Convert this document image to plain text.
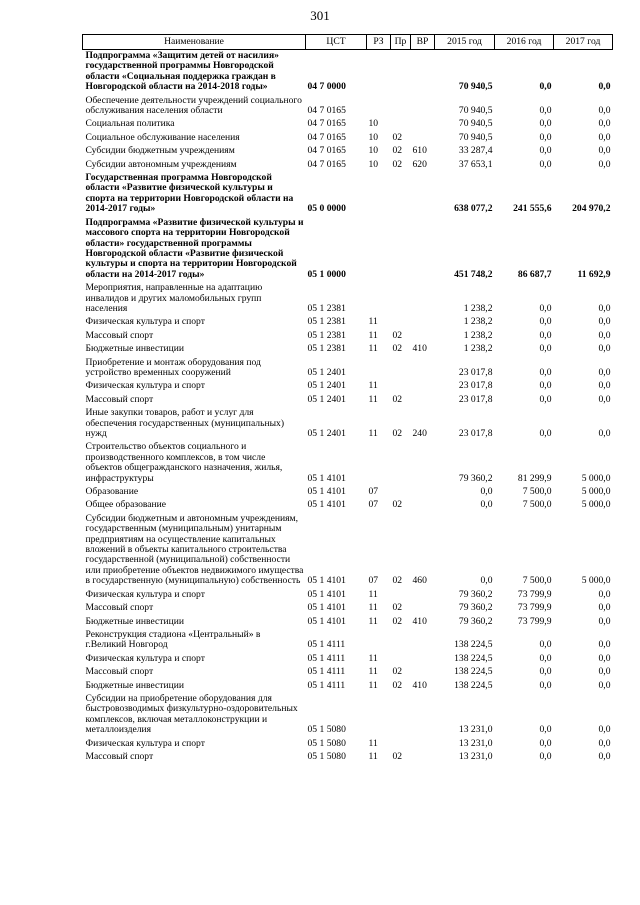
301
Наименование	ЦСТ	РЗ	Пр	ВР	2015 год	2016 год	2017 год
Подпрограмма «Защитим детей от насилия» государственной программы Новгородской области «Социальная поддержка граждан в Новгородской области на 2014-2018 годы»	04 7 0000				70 940,5	0,0	0,0
Обеспечение деятельности учреждений социального обслуживания населения области	04 7 0165				70 940,5	0,0	0,0
Социальная политика	04 7 0165	10			70 940,5	0,0	0,0
Социальное обслуживание населения	04 7 0165	10	02		70 940,5	0,0	0,0
Субсидии бюджетным учреждениям	04 7 0165	10	02	610	33 287,4	0,0	0,0
Субсидии автономным учреждениям	04 7 0165	10	02	620	37 653,1	0,0	0,0
Государственная программа Новгородской области «Развитие физической культуры и спорта на территории Новгородской области на 2014-2017 годы»	05 0 0000				638 077,2	241 555,6	204 970,2
Подпрограмма «Развитие физической культуры и массового спорта на территории Новгородской области» государственной программы Новгородской области «Развитие физической культуры и спорта на территории Новгородской области на 2014-2017 годы»	05 1 0000				451 748,2	86 687,7	11 692,9
Мероприятия, направленные на адаптацию инвалидов и других маломобильных групп населения	05 1 2381				1 238,2	0,0	0,0
Физическая культура и спорт	05 1 2381	11			1 238,2	0,0	0,0
Массовый спорт	05 1 2381	11	02		1 238,2	0,0	0,0
Бюджетные инвестиции	05 1 2381	11	02	410	1 238,2	0,0	0,0
Приобретение и монтаж оборудования под устройство временных сооружений	05 1 2401				23 017,8	0,0	0,0
Физическая культура и спорт	05 1 2401	11			23 017,8	0,0	0,0
Массовый спорт	05 1 2401	11	02		23 017,8	0,0	0,0
Иные закупки товаров, работ и услуг для обеспечения государственных (муниципальных) нужд	05 1 2401	11	02	240	23 017,8	0,0	0,0
Строительство объектов социального и производственного комплексов, в том числе объектов общегражданского назначения, жилья, инфраструктуры	05 1 4101				79 360,2	81 299,9	5 000,0
Образование	05 1 4101	07			0,0	7 500,0	5 000,0
Общее образование	05 1 4101	07	02		0,0	7 500,0	5 000,0
Субсидии бюджетным и автономным учреждениям, государственным (муниципальным) унитарным предприятиям на осуществление капитальных вложений в объекты капитального строительства государственной (муниципальной) собственности или приобретение объектов недвижимого имущества в государственную (муниципальную) собственность	05 1 4101	07	02	460	0,0	7 500,0	5 000,0
Физическая культура и спорт	05 1 4101	11			79 360,2	73 799,9	0,0
Массовый спорт	05 1 4101	11	02		79 360,2	73 799,9	0,0
Бюджетные инвестиции	05 1 4101	11	02	410	79 360,2	73 799,9	0,0
Реконструкция стадиона «Центральный» в г.Великий Новгород	05 1 4111				138 224,5	0,0	0,0
Физическая культура и спорт	05 1 4111	11			138 224,5	0,0	0,0
Массовый спорт	05 1 4111	11	02		138 224,5	0,0	0,0
Бюджетные инвестиции	05 1 4111	11	02	410	138 224,5	0,0	0,0
Субсидии на приобретение оборудования для быстровозводимых физкультурно-оздоровительных комплексов, включая металлоконструкции и металлоизделия	05 1 5080				13 231,0	0,0	0,0
Физическая культура и спорт	05 1 5080	11			13 231,0	0,0	0,0
Массовый спорт	05 1 5080	11	02		13 231,0	0,0	0,0
